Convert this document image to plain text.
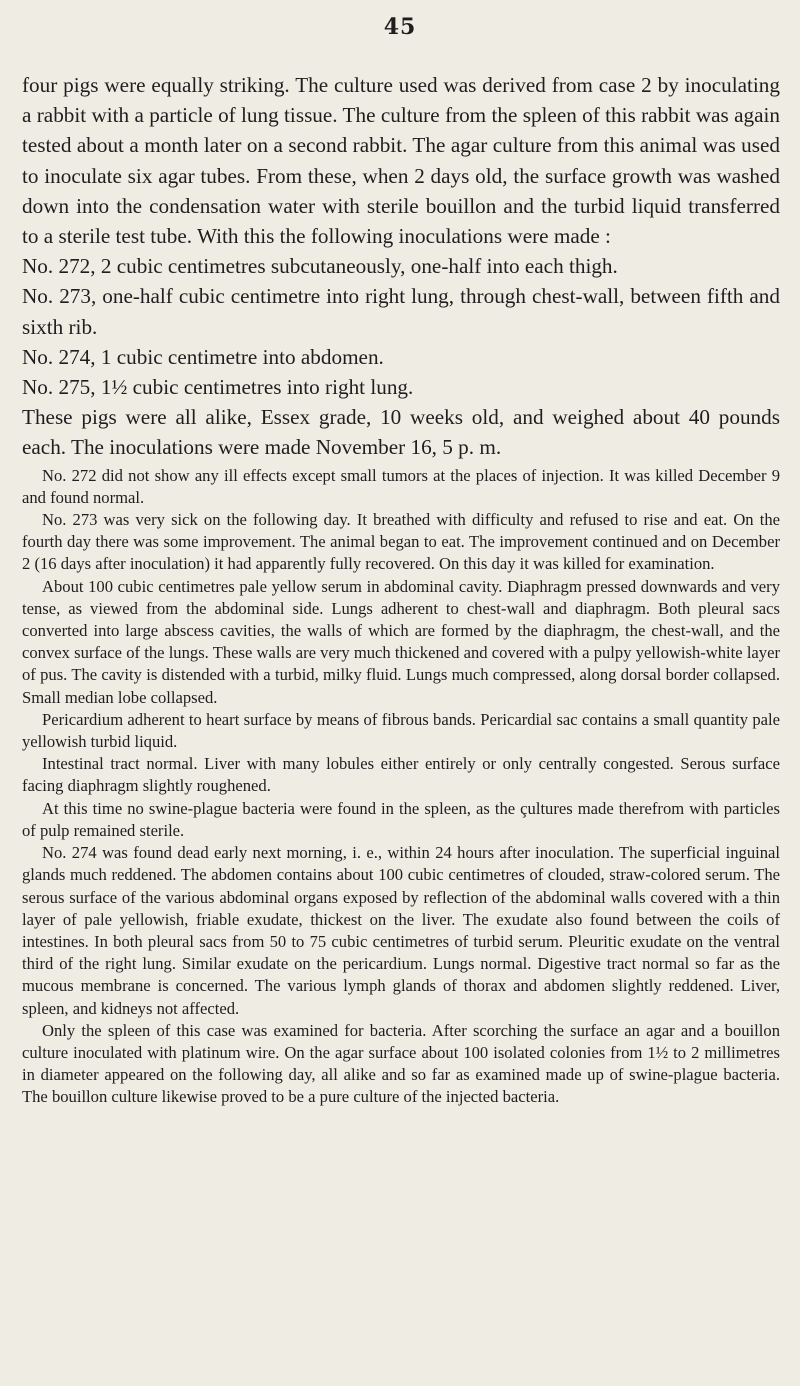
45

four pigs were equally striking. The culture used was derived from case 2 by inoculating a rabbit with a particle of lung tissue. The culture from the spleen of this rabbit was again tested about a month later on a second rabbit. The agar culture from this animal was used to inoculate six agar tubes. From these, when 2 days old, the surface growth was washed down into the condensation water with sterile bouillon and the turbid liquid transferred to a sterile test tube. With this the following inoculations were made :

No. 272, 2 cubic centimetres subcutaneously, one-half into each thigh.

No. 273, one-half cubic centimetre into right lung, through chest-wall, between fifth and sixth rib.

No. 274, 1 cubic centimetre into abdomen.

No. 275, 1½ cubic centimetres into right lung.

These pigs were all alike, Essex grade, 10 weeks old, and weighed about 40 pounds each. The inoculations were made November 16, 5 p. m.

No. 272 did not show any ill effects except small tumors at the places of injection. It was killed December 9 and found normal.

No. 273 was very sick on the following day. It breathed with difficulty and refused to rise and eat. On the fourth day there was some improvement. The animal began to eat. The improvement continued and on December 2 (16 days after inoculation) it had apparently fully recovered. On this day it was killed for examination.

About 100 cubic centimetres pale yellow serum in abdominal cavity. Diaphragm pressed downwards and very tense, as viewed from the abdominal side. Lungs adherent to chest-wall and diaphragm. Both pleural sacs converted into large abscess cavities, the walls of which are formed by the diaphragm, the chest-wall, and the convex surface of the lungs. These walls are very much thickened and covered with a pulpy yellowish-white layer of pus. The cavity is distended with a turbid, milky fluid. Lungs much compressed, along dorsal border collapsed. Small median lobe collapsed.

Pericardium adherent to heart surface by means of fibrous bands. Pericardial sac contains a small quantity pale yellowish turbid liquid.

Intestinal tract normal. Liver with many lobules either entirely or only centrally congested. Serous surface facing diaphragm slightly roughened.

At this time no swine-plague bacteria were found in the spleen, as the çultures made therefrom with particles of pulp remained sterile.

No. 274 was found dead early next morning, i. e., within 24 hours after inoculation. The superficial inguinal glands much reddened. The abdomen contains about 100 cubic centimetres of clouded, straw-colored serum. The serous surface of the various abdominal organs exposed by reflection of the abdominal walls covered with a thin layer of pale yellowish, friable exudate, thickest on the liver. The exudate also found between the coils of intestines. In both pleural sacs from 50 to 75 cubic centimetres of turbid serum. Pleuritic exudate on the ventral third of the right lung. Similar exudate on the pericardium. Lungs normal. Digestive tract normal so far as the mucous membrane is concerned. The various lymph glands of thorax and abdomen slightly reddened. Liver, spleen, and kidneys not affected.

Only the spleen of this case was examined for bacteria. After scorching the surface an agar and a bouillon culture inoculated with platinum wire. On the agar surface about 100 isolated colonies from 1½ to 2 millimetres in diameter appeared on the following day, all alike and so far as examined made up of swine-plague bacteria. The bouillon culture likewise proved to be a pure culture of the injected bacteria.
